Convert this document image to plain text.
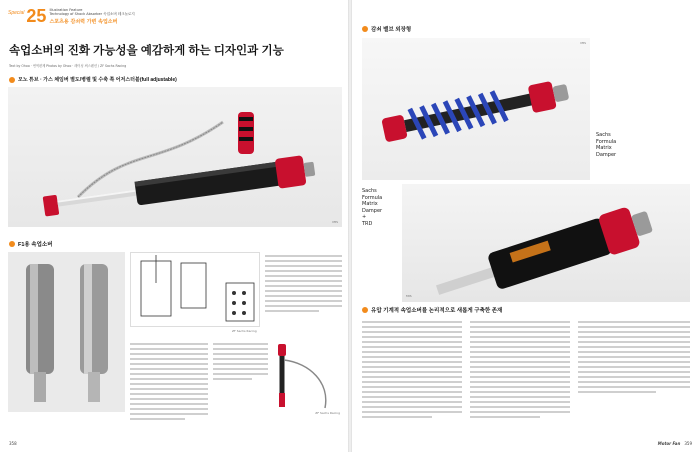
Special 25 Illustration Feature
Technology of Shock Absorber 속업소버 테크놀로지
스포츠용 감쇠력 가변 속업소버
속업소버의 진화 가능성을 예감하게 하는 디자인과 기능
Text by Ohoo · 번역편제 Photos by Ohoo · 레이싱 써스펜션 / ZF Sachs Racing
모노 튜브 · 가스 체임버 별도/병렬 및 수축 쪽 어저스터블(full adjustable)
MtS
F1용 속업소버
ZF Sachs Racing
ZF Sachs Racing
358
감쇠 밸브 외장형
MtS
Sachs
Formula
Matrix
Damper
Sachs
Formula
Matrix
Damper
+
TRD
MtS
유압 기계적 속업소버를 논리적으로 새롭게 구축한 존재
Motor Fan 359
